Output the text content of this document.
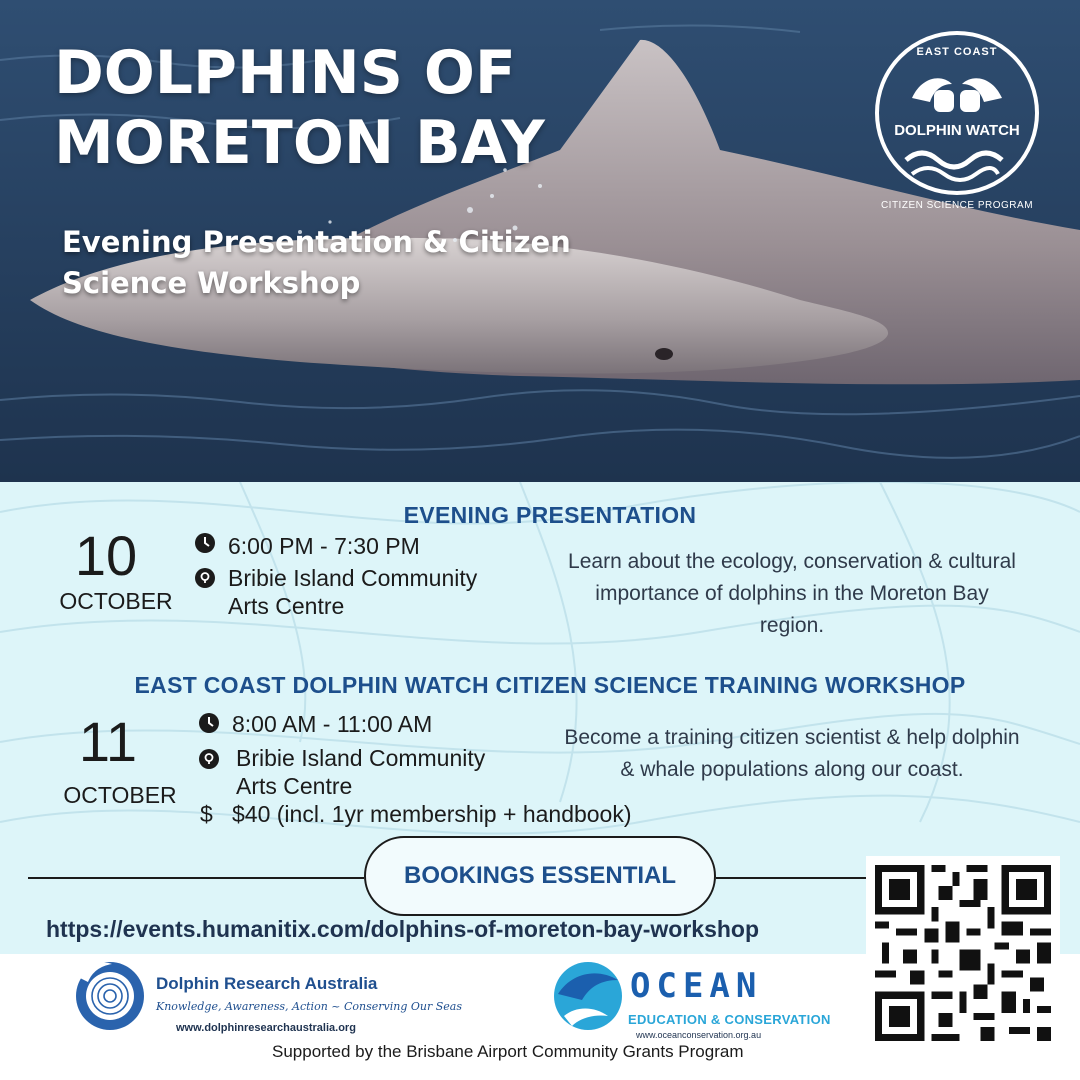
DOLPHINS OF MORETON BAY
Evening Presentation & Citizen Science Workshop
EAST COAST
DOLPHIN WATCH
CITIZEN SCIENCE PROGRAM
EVENING PRESENTATION
10
OCTOBER
6:00 PM - 7:30 PM
Bribie Island Community
Arts Centre
Learn about the ecology, conservation & cultural importance of dolphins in the Moreton Bay region.
EAST COAST DOLPHIN WATCH CITIZEN SCIENCE TRAINING WORKSHOP
11
OCTOBER
8:00 AM - 11:00 AM
Bribie Island Community
Arts Centre
$ $40 (incl. 1yr membership + handbook)
Become a training citizen scientist & help dolphin & whale populations along our coast.
BOOKINGS ESSENTIAL
https://events.humanitix.com/dolphins-of-moreton-bay-workshop
Dolphin Research Australia
Knowledge, Awareness, Action ~ Conserving Our Seas
www.dolphinresearchaustralia.org
OCEAN
EDUCATION & CONSERVATION
www.oceanconservation.org.au
Supported by the Brisbane Airport Community Grants Program
